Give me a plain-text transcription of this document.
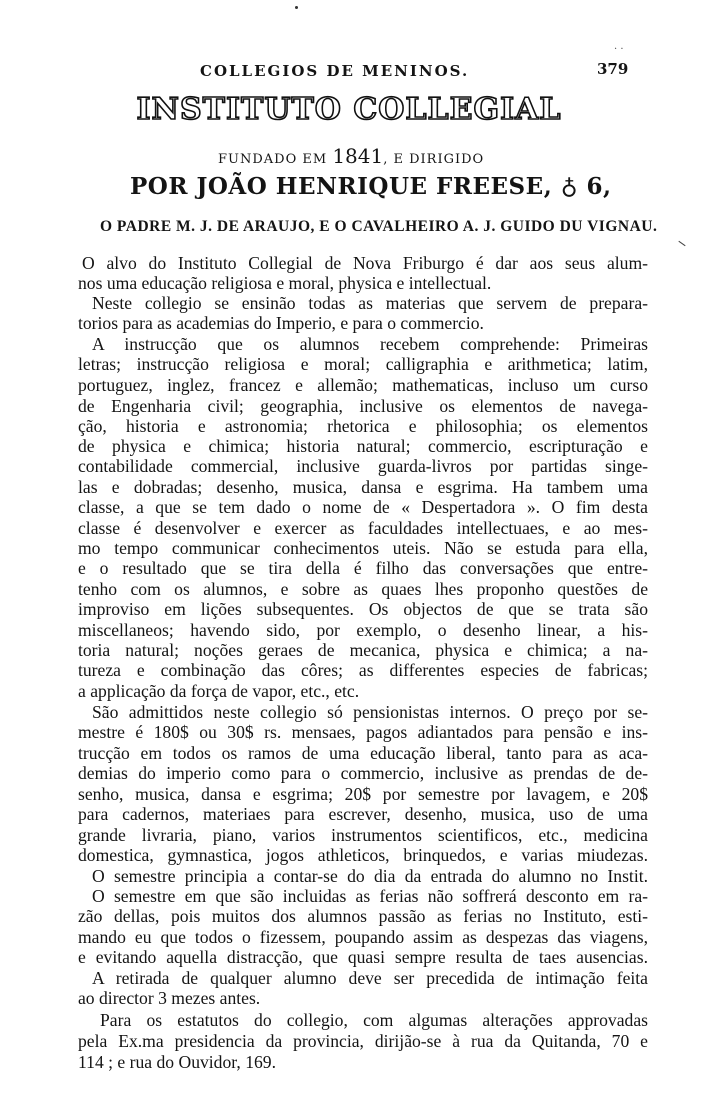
COLLEGIOS DE MENINOS.
· ·
379
INSTITUTO COLLEGIAL
FUNDADO EM 1841, E DIRIGIDO
POR JOÃO HENRIQUE FREESE, ♁ 6,
O PADRE M. J. DE ARAUJO, E O CAVALHEIRO A. J. GUIDO DU VIGNAU.
O alvo do Instituto Collegial de Nova Friburgo é dar aos seus alum-
nos uma educação religiosa e moral, physica e intellectual.
Neste collegio se ensinão todas as materias que servem de prepara-
torios para as academias do Imperio, e para o commercio.
A instrucção que os alumnos recebem comprehende: Primeiras
letras; instrucção religiosa e moral; calligraphia e arithmetica; latim,
portuguez, inglez, francez e allemão; mathematicas, incluso um curso
de Engenharia civil; geographia, inclusive os elementos de navega-
ção, historia e astronomia; rhetorica e philosophia; os elementos
de physica e chimica; historia natural; commercio, escripturação e
contabilidade commercial, inclusive guarda-livros por partidas singe-
las e dobradas; desenho, musica, dansa e esgrima. Ha tambem uma
classe, a que se tem dado o nome de « Despertadora ». O fim desta
classe é desenvolver e exercer as faculdades intellectuaes, e ao mes-
mo tempo communicar conhecimentos uteis. Não se estuda para ella,
e o resultado que se tira della é filho das conversações que entre-
tenho com os alumnos, e sobre as quaes lhes proponho questões de
improviso em lições subsequentes. Os objectos de que se trata são
miscellaneos; havendo sido, por exemplo, o desenho linear, a his-
toria natural; noções geraes de mecanica, physica e chimica; a na-
tureza e combinação das côres; as differentes especies de fabricas;
a applicação da força de vapor, etc., etc.
São admittidos neste collegio só pensionistas internos. O preço por se-
mestre é 180$ ou 30$ rs. mensaes, pagos adiantados para pensão e ins-
trucção em todos os ramos de uma educação liberal, tanto para as aca-
demias do imperio como para o commercio, inclusive as prendas de de-
senho, musica, dansa e esgrima; 20$ por semestre por lavagem, e 20$
para cadernos, materiaes para escrever, desenho, musica, uso de uma
grande livraria, piano, varios instrumentos scientificos, etc., medicina
domestica, gymnastica, jogos athleticos, brinquedos, e varias miudezas.
O semestre principia a contar-se do dia da entrada do alumno no Instit.
O semestre em que são incluidas as ferias não soffrerá desconto em ra-
zão dellas, pois muitos dos alumnos passão as ferias no Instituto, esti-
mando eu que todos o fizessem, poupando assim as despezas das viagens,
e evitando aquella distracção, que quasi sempre resulta de taes ausencias.
A retirada de qualquer alumno deve ser precedida de intimação feita
ao director 3 mezes antes.
Para os estatutos do collegio, com algumas alterações approvadas
pela Ex.ma presidencia da provincia, dirijão-se à rua da Quitanda, 70 e
114 ; e rua do Ouvidor, 169.
